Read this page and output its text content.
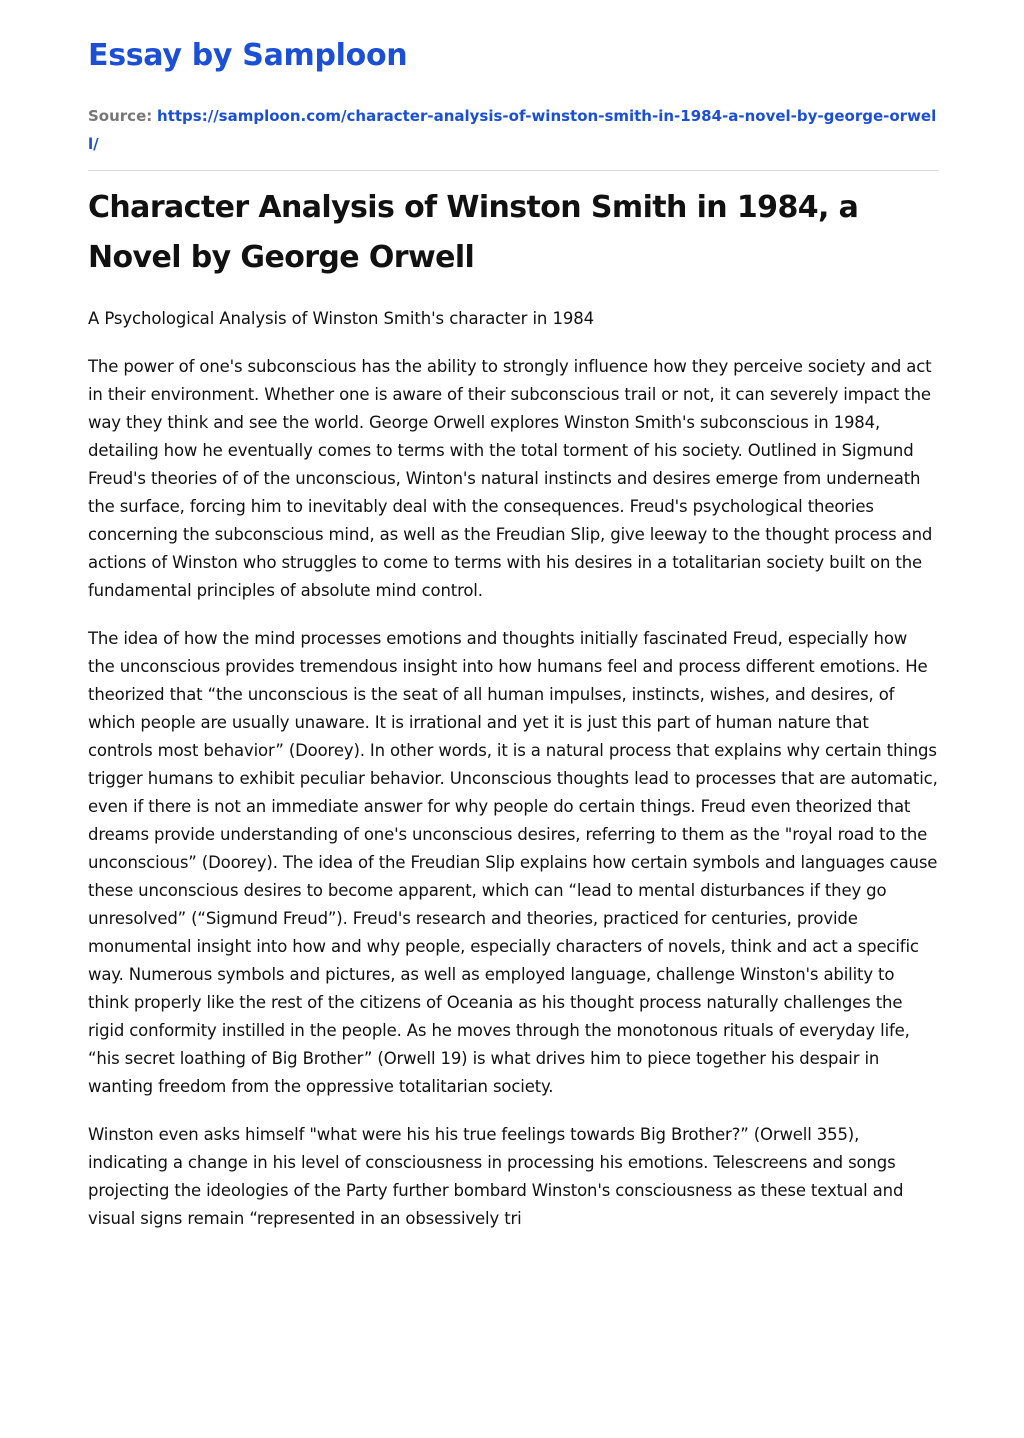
Essay by Samploon
Source: https://samploon.com/character-analysis-of-winston-smith-in-1984-a-novel-by-george-orwell/
Character Analysis of Winston Smith in 1984, a Novel by George Orwell

A Psychological Analysis of Winston Smith's character in 1984

The power of one's subconscious has the ability to strongly influence how they perceive society and act in their environment. Whether one is aware of their subconscious trail or not, it can severely impact the way they think and see the world. George Orwell explores Winston Smith's subconscious in 1984, detailing how he eventually comes to terms with the total torment of his society. Outlined in Sigmund Freud's theories of of the unconscious, Winton's natural instincts and desires emerge from underneath the surface, forcing him to inevitably deal with the consequences. Freud's psychological theories concerning the subconscious mind, as well as the Freudian Slip, give leeway to the thought process and actions of Winston who struggles to come to terms with his desires in a totalitarian society built on the fundamental principles of absolute mind control.

The idea of how the mind processes emotions and thoughts initially fascinated Freud, especially how the unconscious provides tremendous insight into how humans feel and process different emotions. He theorized that “the unconscious is the seat of all human impulses, instincts, wishes, and desires, of which people are usually unaware. It is irrational and yet it is just this part of human nature that controls most behavior” (Doorey). In other words, it is a natural process that explains why certain things trigger humans to exhibit peculiar behavior. Unconscious thoughts lead to processes that are automatic, even if there is not an immediate answer for why people do certain things. Freud even theorized that dreams provide understanding of one's unconscious desires, referring to them as the "royal road to the unconscious” (Doorey). The idea of the Freudian Slip explains how certain symbols and languages cause these unconscious desires to become apparent, which can “lead to mental disturbances if they go unresolved” (“Sigmund Freud”). Freud's research and theories, practiced for centuries, provide monumental insight into how and why people, especially characters of novels, think and act a specific way. Numerous symbols and pictures, as well as employed language, challenge Winston's ability to think properly like the rest of the citizens of Oceania as his thought process naturally challenges the rigid conformity instilled in the people. As he moves through the monotonous rituals of everyday life, “his secret loathing of Big Brother” (Orwell 19) is what drives him to piece together his despair in wanting freedom from the oppressive totalitarian society.

Winston even asks himself "what were his his true feelings towards Big Brother?” (Orwell 355), indicating a change in his level of consciousness in processing his emotions. Telescreens and songs projecting the ideologies of the Party further bombard Winston's consciousness as these textual and visual signs remain “represented in an obsessively tri
